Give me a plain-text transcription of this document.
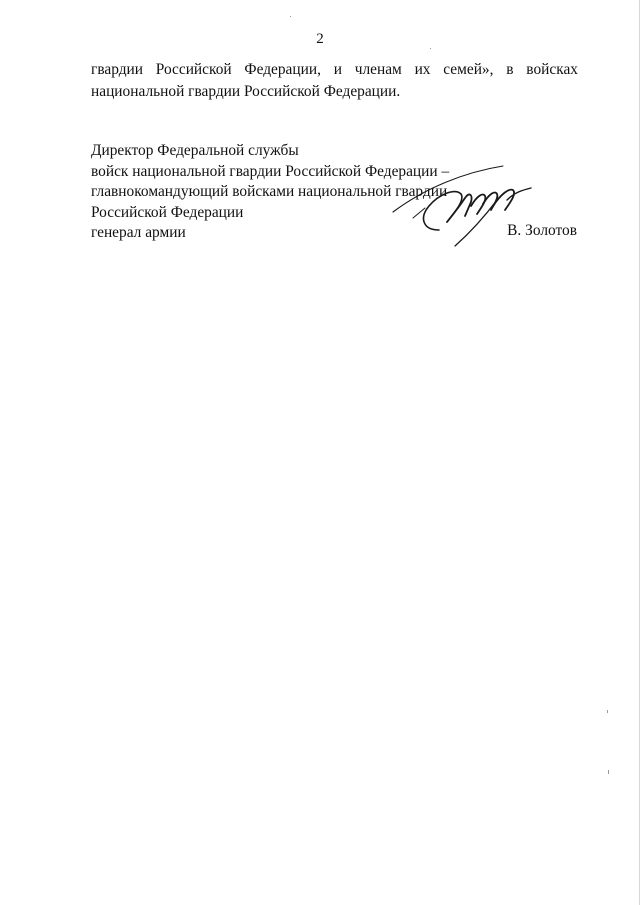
2
гвардии Российской Федерации, и членам их семей», в войсках
национальной гвардии Российской Федерации.
Директор Федеральной службы
войск национальной гвардии Российской Федерации –
главнокомандующий войсками национальной гвардии
Российской Федерации
генерал армии	В. Золотов
